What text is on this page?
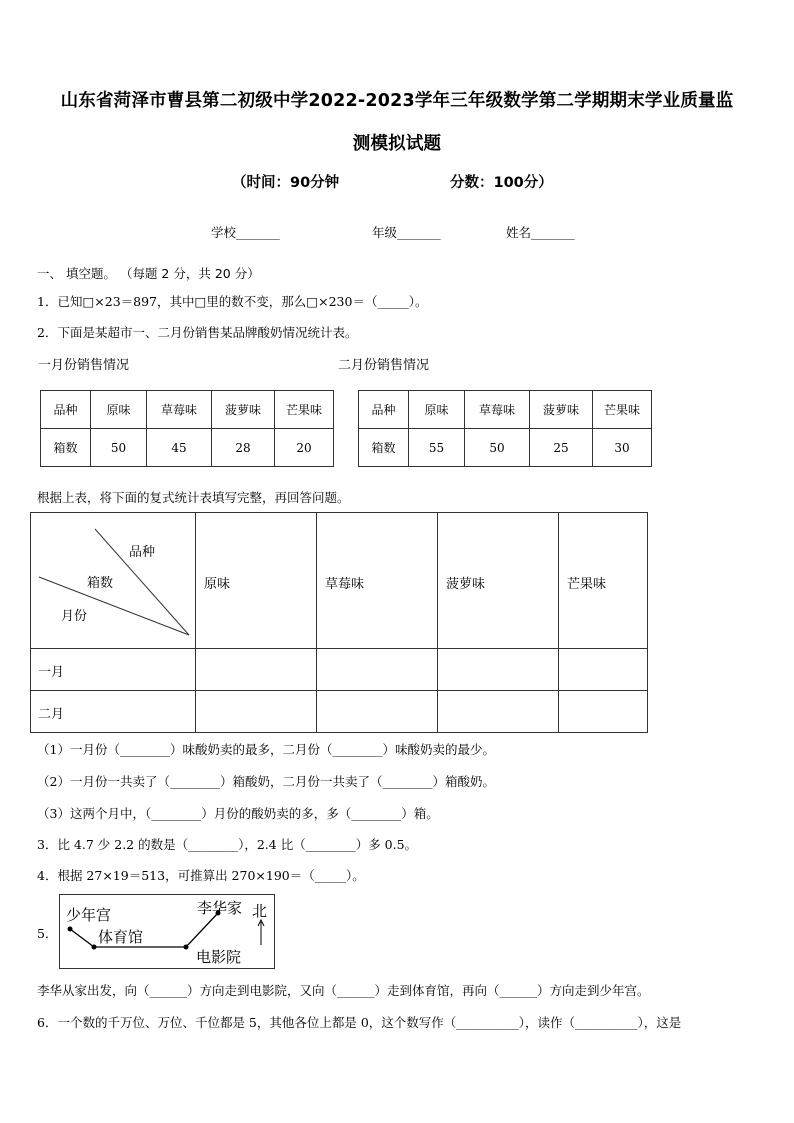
山东省菏泽市曹县第二初级中学2022-2023学年三年级数学第二学期期末学业质量监
测模拟试题
（时间：90分钟	分数：100分）
学校_______	年级_______	姓名_______
一、 填空题。 （每题 2 分，共 20 分）
1．已知□×23＝897，其中□里的数不变，那么□×230＝（_____）。
2．下面是某超市一、二月份销售某品牌酸奶情况统计表。
一月份销售情况	二月份销售情况
品种	原味	草莓味	菠萝味	芒果味
箱数	50	45	28	20
品种	原味	草莓味	菠萝味	芒果味
箱数	55	50	25	30
根据上表，将下面的复式统计表填写完整，再回答问题。
品种
箱数
月份	原味	草莓味	菠萝味	芒果味
一月				
二月				
（1）一月份（________）味酸奶卖的最多，二月份（________）味酸奶卖的最少。
（2）一月份一共卖了（________）箱酸奶，二月份一共卖了（________）箱酸奶。
（3）这两个月中，（________）月份的酸奶卖的多，多（________）箱。
3．比 4.7 少 2.2 的数是（________），2.4 比（________）多 0.5。
4．根据 27×19＝513，可推算出 270×190＝（_____）。
5．
少年宫
体育馆
李华家 北
电影院
李华从家出发，向（______）方向走到电影院，又向（______）走到体育馆，再向（______）方向走到少年宫。
6．一个数的千万位、万位、千位都是 5，其他各位上都是 0，这个数写作（__________），读作（__________），这是
